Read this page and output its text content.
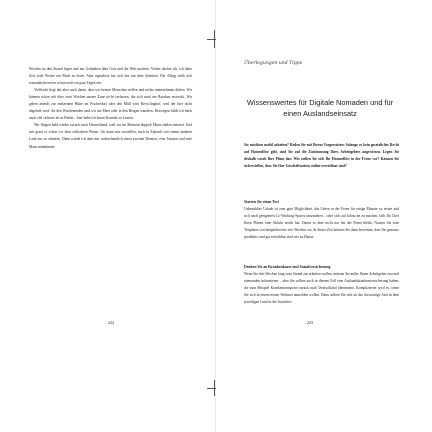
Wochen an den Strand legen und nur Gedanken über Gott und die Welt machen. Vorher dachte ich, ich hätte Zeit, jede Woche ein Buch zu lesen. Aber irgendwie hat sich das mit dem Arbeiten: Der Alltag stellt sich erstaunlicherweise schon nach ein paar Tagen ein.

Vielleicht liegt das aber auch daran, dass wir keinen Menschen treffen und nichts unternehmen dürfen. Wir können schon seit über zwei Wochen unsere Zone nicht verlassen, die sich rund um Byrakau erstreckt. Wir gehen abends zur entkernten Hütte im Fischerdorf oder den Müll vom Recyclinghof, weil der hier nicht abgeholt wird. An den Wochenenden sind wir am Meer oder in den Bergen wandern. Deswegen fühle ich mich auch viel sicherer als in Berlin – hier habe ich kaum Kontakt zu Leuten.

Wir fliegen bald wieder zurück nach Deutschland, weil wir im Moment doppelt Miete zahlen müssen. Und mir graut es schon vor dem schlechten Wetter. Ich kann mir vorstellen, auch in Zukunft von einem anderen Land aus zu arbeiten. Dann würde ich aber mir wahrscheinlich einen zweiten Monitor, eine Tastatur und eine Maus mitnehmen.

222
Überlegungen und Tipps
Wissenswertes für Digitale Nomaden und für einen Auslandseinsatz
Sie möchten mobil arbeiten? Reden Sie mit Ihrem Vorgesetzten: Solange es kein gesetzliches Recht auf Homeoffice gibt, sind Sie auf die Zustimmung Ihres Arbeitgebers angewiesen. Legen Sie deshalb vorab Ihre Pläne dar: Wie stellen Sie sich Ihr Homeoffice in der Ferne vor? Können Sie sicherstellen, dass Sie Ihre Geschäftszeiten online erreichbar sind?
Starten Sie einen Test
Unbezahlter Urlaub ist eine gute Möglichkeit, das Leben in der Ferne für einige Monate zu testen und sich nach geeigneten Co-Working-Spaces umzusehen – oder sich auf Jobsuche zu machen, falls Ihr Chef Ihren Plänen eine Abfuhr erteilt hat. Damit es aber nicht nur bei der Ferne bleibt: Nutzen Sie eine Testphase von beispielsweise vier Wochen vor. In dieser Zeit können Sie dann beweisen, dass Sie genauso produktiv und gut erreichbar sind wie zu Hause.
Denken Sie an Krankenkasse und Sozialversicherung
Wenn Sie drei Wochen lang vom Strand aus arbeiten wollen, müssen Sie außer Ihrem Arbeitgeber erst mal niemanden informieren – aber Sie sollten auch in diesem Fall eine Auslandskrankenversicherung haben, die zum Beispiel Krankentransporte zurück nach Deutschland übernimmt. Komplizierter wird es, wenn Sie sich in einem neuen Wohnort anmelden wollen. Dann sollten Sie sich an das Auswärtige Amt in dem jeweiligen Land in die Sozialver-
223
